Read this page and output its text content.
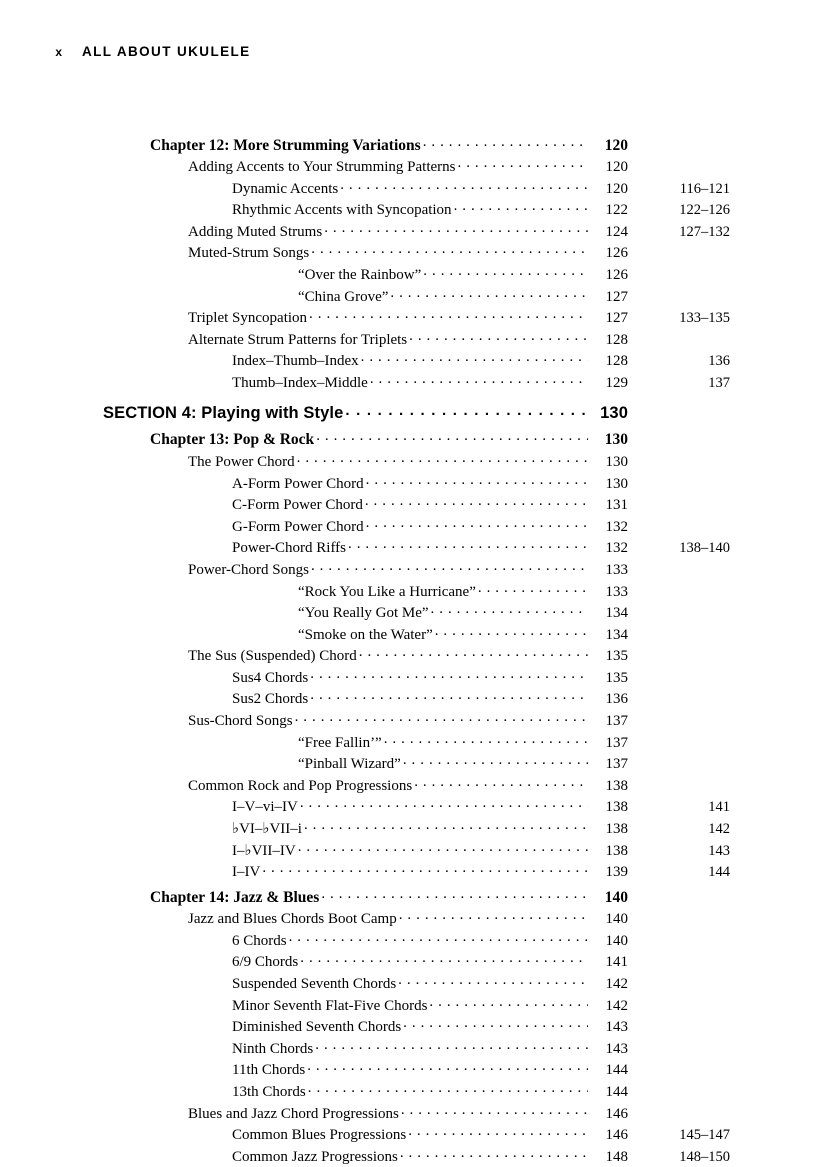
x	ALL ABOUT UKULELE
Chapter 12: More Strumming Variations . . .	120
Adding Accents to Your Strumming Patterns . . .	120
Dynamic Accents . . .	120	116–121
Rhythmic Accents with Syncopation . . .	122	122–126
Adding Muted Strums . . .	124	127–132
Muted-Strum Songs . . .	126
“Over the Rainbow” . . .	126
“China Grove” . . .	127
Triplet Syncopation . . .	127	133–135
Alternate Strum Patterns for Triplets . . .	128
Index–Thumb–Index . . .	128	136
Thumb–Index–Middle . . .	129	137
SECTION 4: Playing with Style . . .	130
Chapter 13: Pop & Rock . . .	130
The Power Chord . . .	130
A-Form Power Chord . . .	130
C-Form Power Chord . . .	131
G-Form Power Chord . . .	132
Power-Chord Riffs . . .	132	138–140
Power-Chord Songs . . .	133
“Rock You Like a Hurricane” . . .	133
“You Really Got Me” . . .	134
“Smoke on the Water” . . .	134
The Sus (Suspended) Chord . . .	135
Sus4 Chords . . .	135
Sus2 Chords . . .	136
Sus-Chord Songs . . .	137
“Free Fallin’” . . .	137
“Pinball Wizard” . . .	137
Common Rock and Pop Progressions . . .	138
I–V–vi–IV . . .	138	141
♭VI–♭VII–i . . .	138	142
I–♭VII–IV . . .	138	143
I–IV . . .	139	144
Chapter 14: Jazz & Blues . . .	140
Jazz and Blues Chords Boot Camp . . .	140
6 Chords . . .	140
6/9 Chords . . .	141
Suspended Seventh Chords . . .	142
Minor Seventh Flat-Five Chords . . .	142
Diminished Seventh Chords . . .	143
Ninth Chords . . .	143
11th Chords . . .	144
13th Chords . . .	144
Blues and Jazz Chord Progressions . . .	146
Common Blues Progressions . . .	146	145–147
Common Jazz Progressions . . .	148	148–150
